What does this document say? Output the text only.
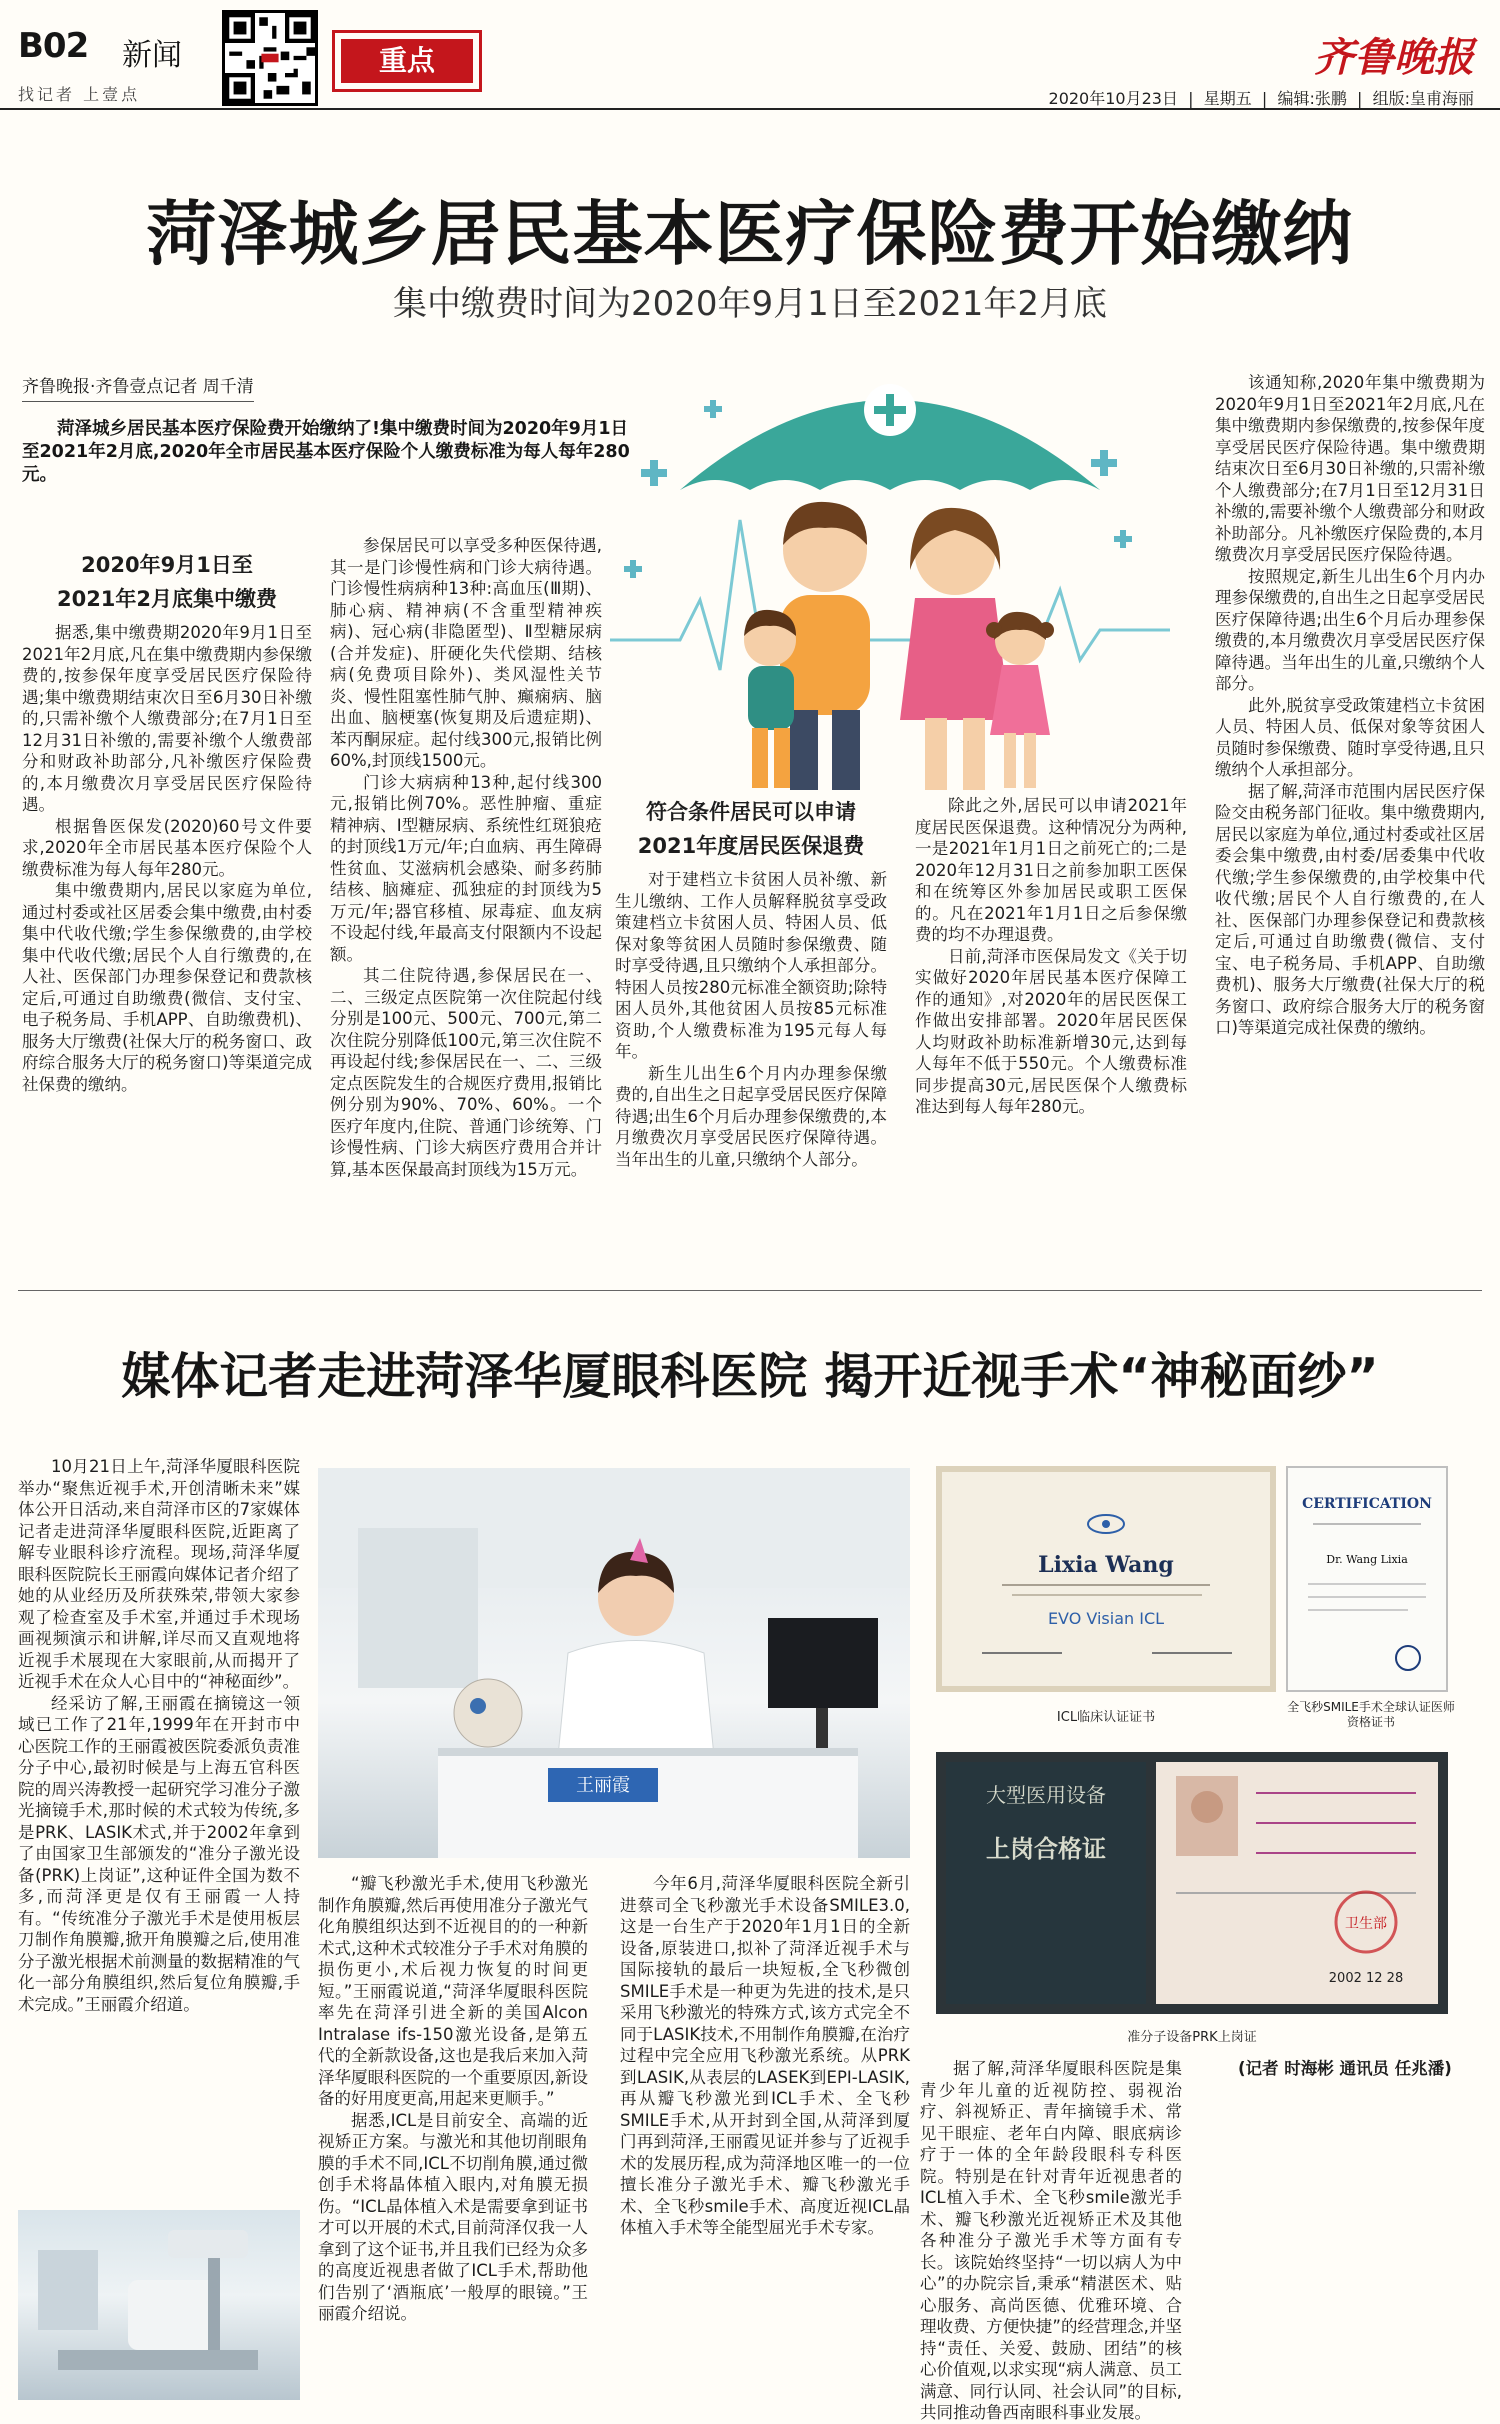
B02 新闻
找记者 上壹点
重点	齐鲁晚报
2020年10月23日  |  星期五  |  编辑:张鹏  |  组版:皇甫海丽
菏泽城乡居民基本医疗保险费开始缴纳
集中缴费时间为2020年9月1日至2021年2月底
齐鲁晚报·齐鲁壹点记者 周千清
菏泽城乡居民基本医疗保险费开始缴纳了!集中缴费时间为2020年9月1日至2021年2月底,2020年全市居民基本医疗保险个人缴费标准为每人每年280元。
2020年9月1日至
2021年2月底集中缴费

据悉,集中缴费期2020年9月1日至2021年2月底,凡在集中缴费期内参保缴费的,按参保年度享受居民医疗保险待遇;集中缴费期结束次日至6月30日补缴的,只需补缴个人缴费部分;在7月1日至12月31日补缴的,需要补缴个人缴费部分和财政补助部分,凡补缴医疗保险费的,本月缴费次月享受居民医疗保险待遇。

根据鲁医保发(2020)60号文件要求,2020年全市居民基本医疗保险个人缴费标准为每人每年280元。

集中缴费期内,居民以家庭为单位,通过村委或社区居委会集中缴费,由村委集中代收代缴;学生参保缴费的,由学校集中代收代缴;居民个人自行缴费的,在人社、医保部门办理参保登记和费款核定后,可通过自助缴费(微信、支付宝、电子税务局、手机APP、自助缴费机)、服务大厅缴费(社保大厅的税务窗口、政府综合服务大厅的税务窗口)等渠道完成社保费的缴纳。

参保居民可以享受多种医保待遇,其一是门诊慢性病和门诊大病待遇。门诊慢性病病种13种:高血压(Ⅲ期)、肺心病、精神病(不含重型精神疾病)、冠心病(非隐匿型)、Ⅱ型糖尿病(合并发症)、肝硬化失代偿期、结核病(免费项目除外)、类风湿性关节炎、慢性阻塞性肺气肿、癫痫病、脑出血、脑梗塞(恢复期及后遗症期)、苯丙酮尿症。起付线300元,报销比例60%,封顶线1500元。

门诊大病病种13种,起付线300元,报销比例70%。恶性肿瘤、重症精神病、Ⅰ型糖尿病、系统性红斑狼疮的封顶线1万元/年;白血病、再生障碍性贫血、艾滋病机会感染、耐多药肺结核、脑瘫症、孤独症的封顶线为5万元/年;器官移植、尿毒症、血友病不设起付线,年最高支付限额内不设起额。

其二住院待遇,参保居民在一、二、三级定点医院第一次住院起付线分别是100元、500元、700元,第二次住院分别降低100元,第三次住院不再设起付线;参保居民在一、二、三级定点医院发生的合规医疗费用,报销比例分别为90%、70%、60%。一个医疗年度内,住院、普通门诊统筹、门诊慢性病、门诊大病医疗费用合并计算,基本医保最高封顶线为15万元。

符合条件居民可以申请
2021年度居民医保退费

对于建档立卡贫困人员补缴、新生儿缴纳、工作人员解释脱贫享受政策建档立卡贫困人员、特困人员、低保对象等贫困人员随时参保缴费、随时享受待遇,且只缴纳个人承担部分。特困人员按280元标准全额资助;除特困人员外,其他贫困人员按85元标准资助,个人缴费标准为195元每人每年。

新生儿出生6个月内办理参保缴费的,自出生之日起享受居民医疗保障待遇;出生6个月后办理参保缴费的,本月缴费次月享受居民医疗保障待遇。当年出生的儿童,只缴纳个人部分。

除此之外,居民可以申请2021年度居民医保退费。这种情况分为两种,一是2021年1月1日之前死亡的;二是2020年12月31日之前参加职工医保和在统筹区外参加居民或职工医保的。凡在2021年1月1日之后参保缴费的均不办理退费。

日前,菏泽市医保局发文《关于切实做好2020年居民基本医疗保障工作的通知》,对2020年的居民医保工作做出安排部署。2020年居民医保人均财政补助标准新增30元,达到每人每年不低于550元。个人缴费标准同步提高30元,居民医保个人缴费标准达到每人每年280元。

该通知称,2020年集中缴费期为2020年9月1日至2021年2月底,凡在集中缴费期内参保缴费的,按参保年度享受居民医疗保险待遇。集中缴费期结束次日至6月30日补缴的,只需补缴个人缴费部分;在7月1日至12月31日补缴的,需要补缴个人缴费部分和财政补助部分。凡补缴医疗保险费的,本月缴费次月享受居民医疗保险待遇。

按照规定,新生儿出生6个月内办理参保缴费的,自出生之日起享受居民医疗保障待遇;出生6个月后办理参保缴费的,本月缴费次月享受居民医疗保障待遇。当年出生的儿童,只缴纳个人部分。

此外,脱贫享受政策建档立卡贫困人员、特困人员、低保对象等贫困人员随时参保缴费、随时享受待遇,且只缴纳个人承担部分。

据了解,菏泽市范围内居民医疗保险交由税务部门征收。集中缴费期内,居民以家庭为单位,通过村委或社区居委会集中缴费,由村委/居委集中代收代缴;学生参保缴费的,由学校集中代收代缴;居民个人自行缴费的,在人社、医保部门办理参保登记和费款核定后,可通过自助缴费(微信、支付宝、电子税务局、手机APP、自助缴费机)、服务大厅缴费(社保大厅的税务窗口、政府综合服务大厅的税务窗口)等渠道完成社保费的缴纳。

媒体记者走进菏泽华厦眼科医院 揭开近视手术“神秘面纱”

10月21日上午,菏泽华厦眼科医院举办“聚焦近视手术,开创清晰未来”媒体公开日活动,来自菏泽市区的7家媒体记者走进菏泽华厦眼科医院,近距离了解专业眼科诊疗流程。现场,菏泽华厦眼科医院院长王丽霞向媒体记者介绍了她的从业经历及所获殊荣,带领大家参观了检查室及手术室,并通过手术现场画视频演示和讲解,详尽而又直观地将近视手术展现在大家眼前,从而揭开了近视手术在众人心目中的“神秘面纱”。

经采访了解,王丽霞在摘镜这一领域已工作了21年,1999年在开封市中心医院工作的王丽霞被医院委派负责准分子中心,最初时候是与上海五官科医院的周兴涛教授一起研究学习准分子激光摘镜手术,那时候的术式较为传统,多是PRK、LASIK术式,并于2002年拿到了由国家卫生部颁发的“准分子激光设备(PRK)上岗证”,这种证件全国为数不多,而菏泽更是仅有王丽霞一人持有。“传统准分子激光手术是使用板层刀制作角膜瓣,掀开角膜瓣之后,使用准分子激光根据术前测量的数据精准的气化一部分角膜组织,然后复位角膜瓣,手术完成。”王丽霞介绍道。

王丽霞

“瓣飞秒激光手术,使用飞秒激光制作角膜瓣,然后再使用准分子激光气化角膜组织达到不近视目的的一种新术式,这种术式较准分子手术对角膜的损伤更小,术后视力恢复的时间更短。”王丽霞说道,“菏泽华厦眼科医院率先在菏泽引进全新的美国Alcon Intralase ifs-150激光设备,是第五代的全新款设备,这也是我后来加入菏泽华厦眼科医院的一个重要原因,新设备的好用度更高,用起来更顺手。”

据悉,ICL是目前安全、高端的近视矫正方案。与激光和其他切削眼角膜的手术不同,ICL不切削角膜,通过微创手术将晶体植入眼内,对角膜无损伤。“ICL晶体植入术是需要拿到证书才可以开展的术式,目前菏泽仅我一人拿到了这个证书,并且我们已经为众多的高度近视患者做了ICL手术,帮助他们告别了‘酒瓶底’一般厚的眼镜。”王丽霞介绍说。

今年6月,菏泽华厦眼科医院全新引进蔡司全飞秒激光手术设备SMILE3.0,这是一台生产于2020年1月1日的全新设备,原装进口,拟补了菏泽近视手术与国际接轨的最后一块短板,全飞秒微创SMILE手术是一种更为先进的技术,是只采用飞秒激光的特殊方式,该方式完全不同于LASIK技术,不用制作角膜瓣,在治疗过程中完全应用飞秒激光系统。从PRK到LASIK,从表层的LASEK到EPI-LASIK,再从瓣飞秒激光到ICL手术、全飞秒SMILE手术,从开封到全国,从菏泽到厦门再到菏泽,王丽霞见证并参与了近视手术的发展历程,成为菏泽地区唯一的一位擅长准分子激光手术、瓣飞秒激光手术、全飞秒smile手术、高度近视ICL晶体植入手术等全能型屈光手术专家。

Lixia Wang
EVO Visian ICL
ICL临床认证证书
CERTIFICATION
Dr. Wang Lixia
全飞秒SMILE手术全球认证医师资格证书
大型医用设备
上岗合格证
卫生部
2002 12 28
准分子设备PRK上岗证

据了解,菏泽华厦眼科医院是集青少年儿童的近视防控、弱视治疗、斜视矫正、青年摘镜手术、常见干眼症、老年白内障、眼底病诊疗于一体的全年龄段眼科专科医院。特别是在针对青年近视患者的ICL植入手术、全飞秒smile激光手术、瓣飞秒激光近视矫正术及其他各种准分子激光手术等方面有专长。该院始终坚持“一切以病人为中心”的办院宗旨,秉承“精湛医术、贴心服务、高尚医德、优雅环境、合理收费、方便快捷”的经营理念,并坚持“责任、关爱、鼓励、团结”的核心价值观,以求实现“病人满意、员工满意、同行认同、社会认同”的目标,共同推动鲁西南眼科事业发展。

(记者 时海彬 通讯员 任兆潘)
